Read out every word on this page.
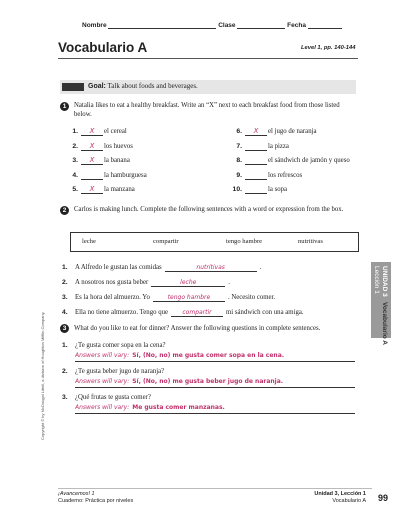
Nombre	Clase	Fecha
Vocabulario A	Level 1, pp. 140-144
Goal: Talk about foods and beverages.
1	Natalia likes to eat a healthy breakfast. Write an “X” next to each breakfast food from those listed below.
1. X el cereal
2. X los huevos
3. X la banana
4.	la hamburguesa
5. X la manzana
6. X el jugo de naranja
7.	la pizza
8.	el sándwich de jamón y queso
9.	los refrescos
10.	la sopa
2	Carlos is making lunch. Complete the following sentences with a word or expression from the box.
leche	compartir	tengo hambre	nutritivas
1. A Alfredo le gustan las comidas	nutritivas	.
2. A nosotros nos gusta beber	leche	.
3. Es la hora del almuerzo. Yo	tengo hambre	. Necesito comer.
4. Ella no tiene almuerzo. Tengo que compartir mi sándwich con una amiga.
3	What do you like to eat for dinner? Answer the following questions in complete sentences.
1. ¿Te gusta comer sopa en la cena?
Answers will vary: Sí, (No, no) me gusta comer sopa en la cena.
2. ¿Te gusta beber jugo de naranja?
Answers will vary: Sí, (No, no) me gusta beber jugo de naranja.
3. ¿Qué frutas te gusta comer?
Answers will vary: Me gusta comer manzanas.
UNIDAD 3
Lección 1
Vocabulario A
Copyright © by McDougal Littell, a division of Houghton Mifflin Company.
¡Avancemos! 1
Cuaderno: Práctica por niveles
Unidad 3, Lección 1
Vocabulario A 99
